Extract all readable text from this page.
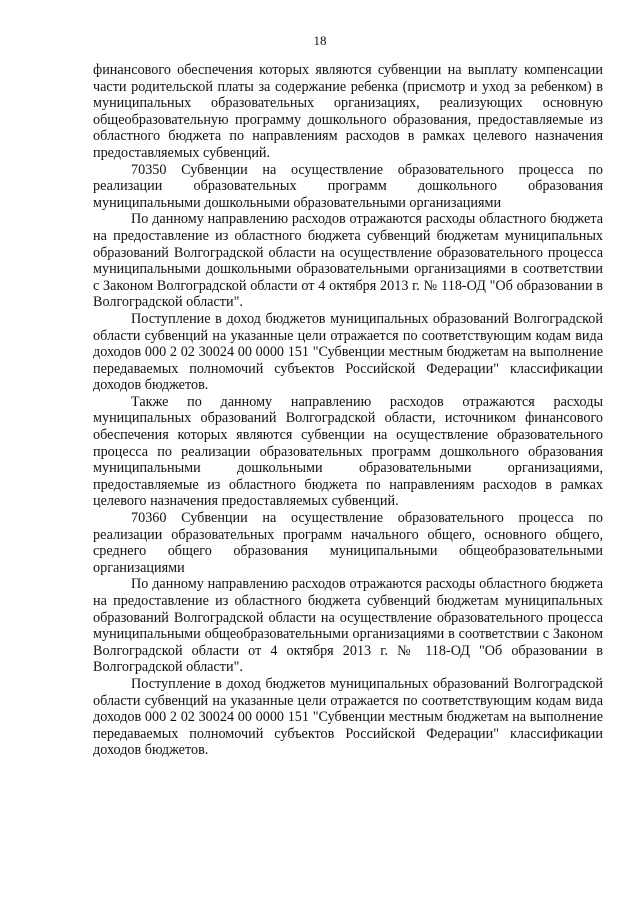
18

финансового обеспечения которых являются субвенции на выплату компенсации части родительской платы за содержание ребенка (присмотр и уход за ребенком) в муниципальных образовательных организациях, реализующих основную общеобразовательную программу дошкольного образования, предоставляемые из областного бюджета по направлениям расходов в рамках целевого назначения предоставляемых субвенций.

70350 Субвенции на осуществление образовательного процесса по реализации образовательных программ дошкольного образования муниципальными дошкольными образовательными организациями

По данному направлению расходов отражаются расходы областного бюджета на предоставление из областного бюджета субвенций бюджетам муниципальных образований Волгоградской области на осуществление образовательного процесса муниципальными дошкольными образовательными организациями в соответствии с Законом Волгоградской области от 4 октября 2013 г. № 118-ОД "Об образовании в Волгоградской области".

Поступление в доход бюджетов муниципальных образований Волгоградской области субвенций на указанные цели отражается по соответствующим кодам вида доходов 000 2 02 30024 00 0000 151 "Субвенции местным бюджетам на выполнение передаваемых полномочий субъектов Российской Федерации" классификации доходов бюджетов.

Также по данному направлению расходов отражаются расходы муниципальных образований Волгоградской области, источником финансового обеспечения которых являются субвенции на осуществление образовательного процесса по реализации образовательных программ дошкольного образования муниципальными дошкольными образовательными организациями, предоставляемые из областного бюджета по направлениям расходов в рамках целевого назначения предоставляемых субвенций.

70360 Субвенции на осуществление образовательного процесса по реализации образовательных программ начального общего, основного общего, среднего общего образования муниципальными общеобразовательными организациями

По данному направлению расходов отражаются расходы областного бюджета на предоставление из областного бюджета субвенций бюджетам муниципальных образований Волгоградской области на осуществление образовательного процесса муниципальными общеобразовательными организациями в соответствии с Законом Волгоградской области от 4 октября 2013 г. № 118-ОД "Об образовании в Волгоградской области".

Поступление в доход бюджетов муниципальных образований Волгоградской области субвенций на указанные цели отражается по соответствующим кодам вида доходов 000 2 02 30024 00 0000 151 "Субвенции местным бюджетам на выполнение передаваемых полномочий субъектов Российской Федерации" классификации доходов бюджетов.
